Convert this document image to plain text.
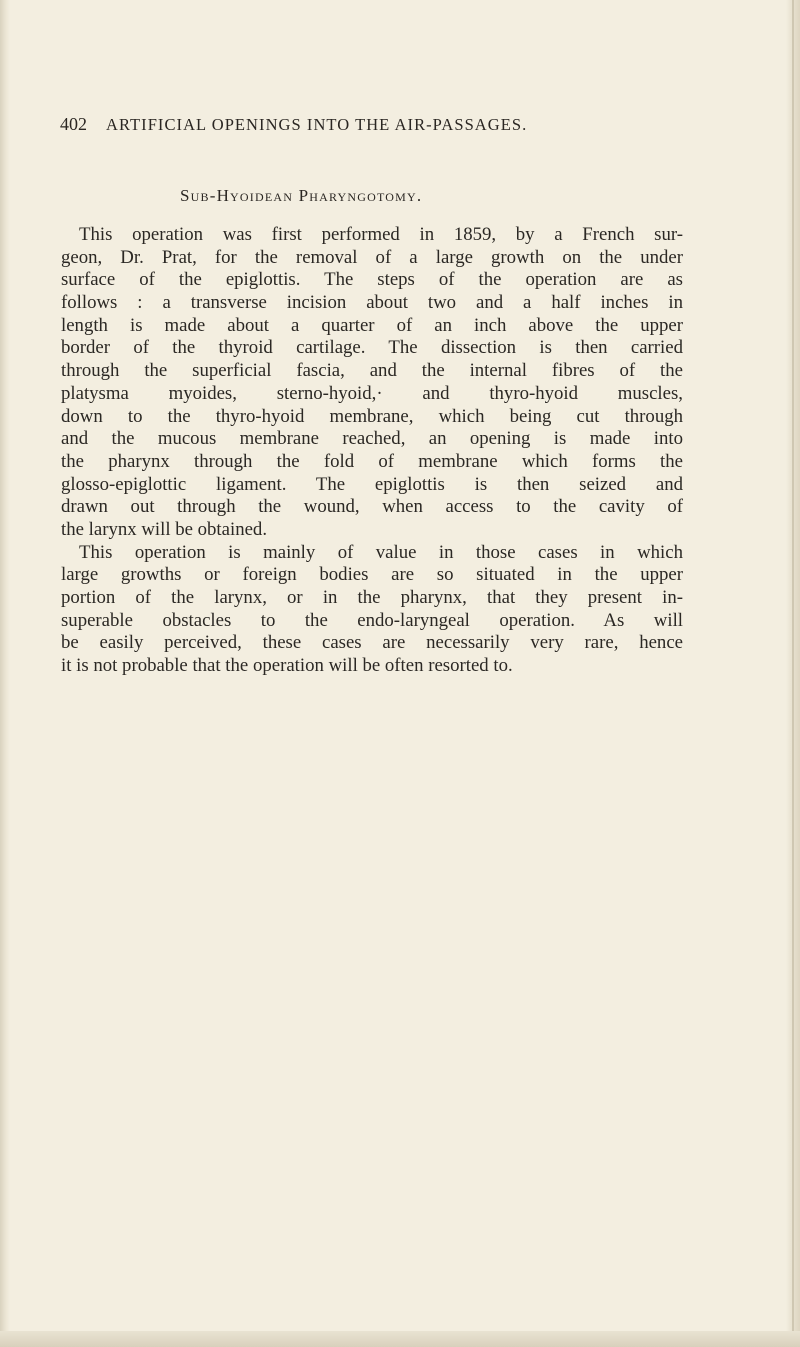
402 ARTIFICIAL OPENINGS INTO THE AIR-PASSAGES.
Sub-Hyoidean Pharyngotomy.
This operation was first performed in 1859, by a French sur-
geon, Dr. Prat, for the removal of a large growth on the under
surface of the epiglottis. The steps of the operation are as
follows : a transverse incision about two and a half inches in
length is made about a quarter of an inch above the upper
border of the thyroid cartilage. The dissection is then carried
through the superficial fascia, and the internal fibres of the
platysma myoides, sterno-hyoid,· and thyro-hyoid muscles,
down to the thyro-hyoid membrane, which being cut through
and the mucous membrane reached, an opening is made into
the pharynx through the fold of membrane which forms the
glosso-epiglottic ligament. The epiglottis is then seized and
drawn out through the wound, when access to the cavity of
the larynx will be obtained.
This operation is mainly of value in those cases in which
large growths or foreign bodies are so situated in the upper
portion of the larynx, or in the pharynx, that they present in-
superable obstacles to the endo-laryngeal operation. As will
be easily perceived, these cases are necessarily very rare, hence
it is not probable that the operation will be often resorted to.
